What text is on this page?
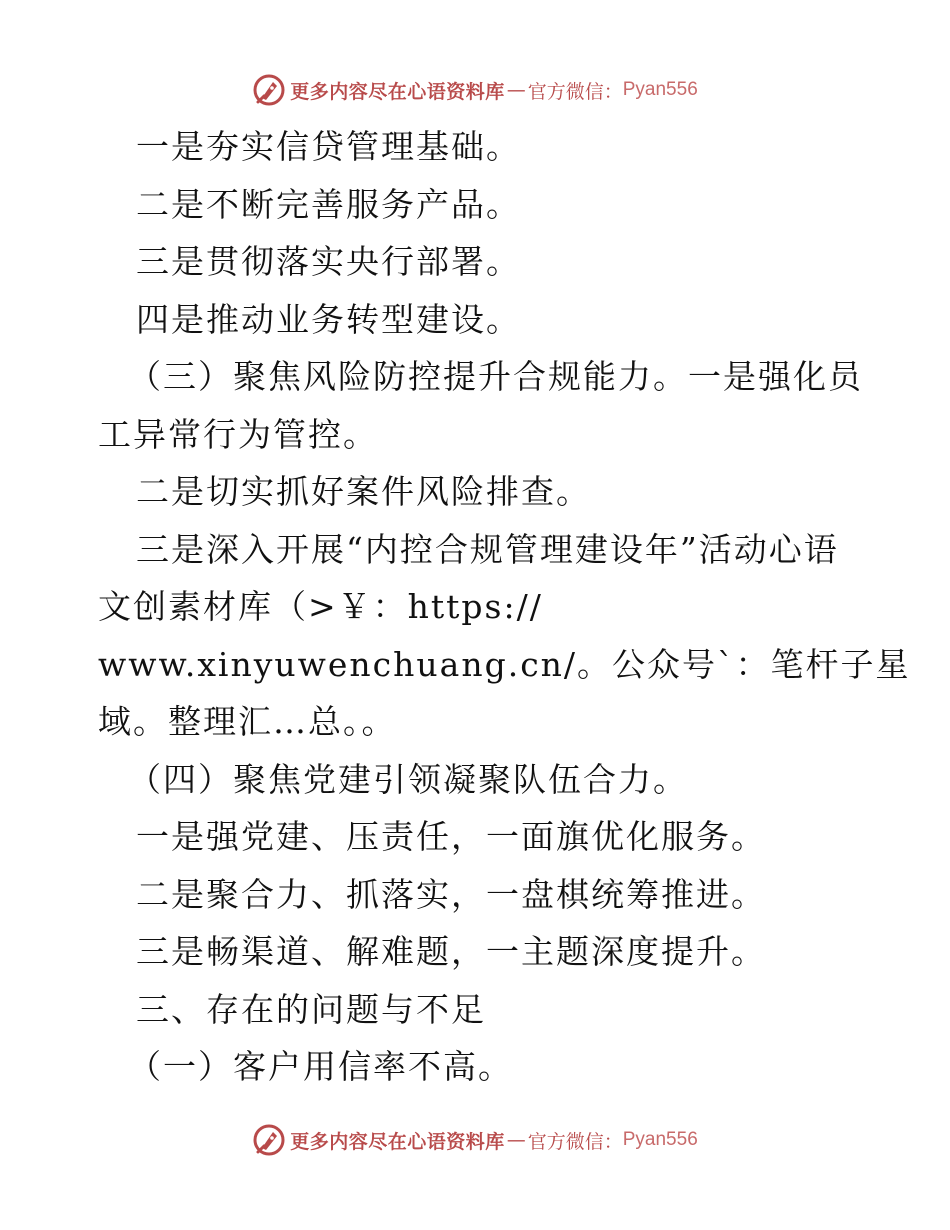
更多内容尽在心语资料库 — 官方微信： Pyan556
一是夯实信贷管理基础。
二是不断完善服务产品。
三是贯彻落实央行部署。
四是推动业务转型建设。
（三）聚焦风险防控提升合规能力。一是强化员
工异常行为管控。
二是切实抓好案件风险排查。
三是深入开展“内控合规管理建设年”活动心语
文创素材库（>￥：https://
www.xinyuwenchuang.cn/。公众号`：笔杆子星
域。整理汇…总。。
（四）聚焦党建引领凝聚队伍合力。
一是强党建、压责任，一面旗优化服务。
二是聚合力、抓落实，一盘棋统筹推进。
三是畅渠道、解难题，一主题深度提升。
三、存在的问题与不足
（一）客户用信率不高。
更多内容尽在心语资料库 — 官方微信： Pyan556
